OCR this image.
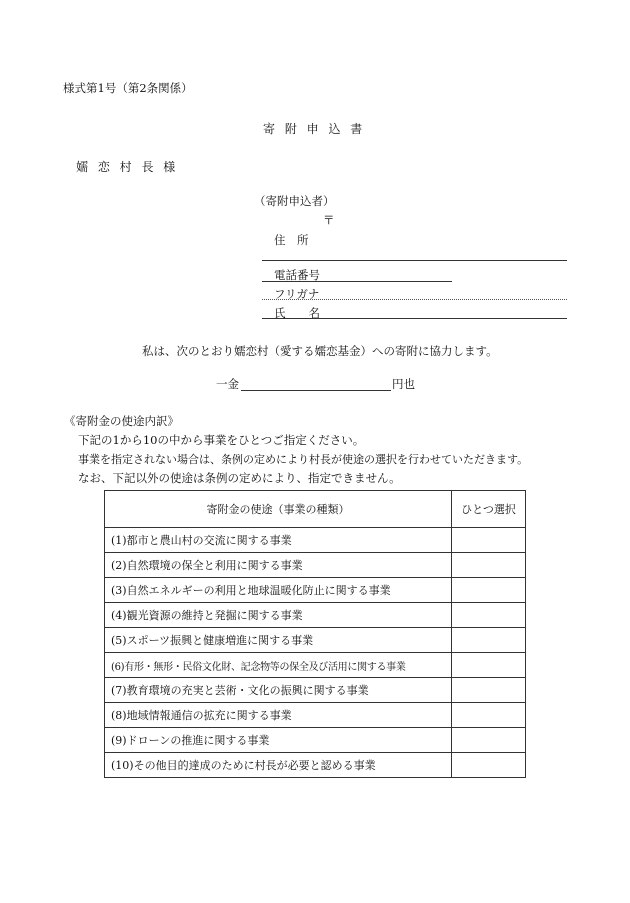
様式第1号（第2条関係）
寄 附 申 込 書
嬬 恋 村 長 様
（寄附申込者）
〒
住　所
電話番号
フリガナ
氏　　名
私は、次のとおり嬬恋村（愛する嬬恋基金）への寄附に協力します。
一金	円也
《寄附金の使途内訳》
下記の1から10の中から事業をひとつご指定ください。
事業を指定されない場合は、条例の定めにより村長が使途の選択を行わせていただきます。
なお、下記以外の使途は条例の定めにより、指定できません。
寄附金の使途（事業の種類）	ひとつ選択
(1)都市と農山村の交流に関する事業	
(2)自然環境の保全と利用に関する事業	
(3)自然エネルギーの利用と地球温暖化防止に関する事業	
(4)観光資源の維持と発掘に関する事業	
(5)スポーツ振興と健康増進に関する事業	
(6)有形・無形・民俗文化財、記念物等の保全及び活用に関する事業	
(7)教育環境の充実と芸術・文化の振興に関する事業	
(8)地域情報通信の拡充に関する事業	
(9)ドローンの推進に関する事業	
(10)その他目的達成のために村長が必要と認める事業	
